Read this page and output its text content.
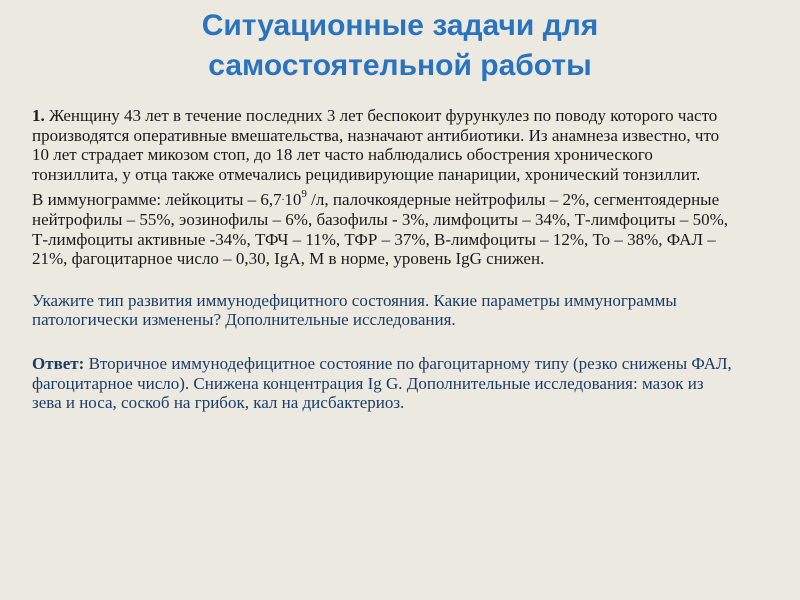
Ситуационные задачи для
самостоятельной работы

1. Женщину 43 лет в течение последних 3 лет беспокоит фурункулез по поводу которого часто производятся оперативные вмешательства, назначают антибиотики. Из анамнеза известно, что 10 лет страдает микозом стоп, до 18 лет часто наблюдались обострения хронического тонзиллита, у отца также отмечались рецидивирующие панариции, хронический тонзиллит.

В иммунограмме: лейкоциты – $6,7^.10^9$ /л, палочкоядерные нейтрофилы – 2%, сегментоядерные нейтрофилы – 55%, эозинофилы – 6%, базофилы - 3%, лимфоциты – 34%, Т-лимфоциты – 50%, Т-лимфоциты активные -34%, ТФЧ – 11%, ТФР – 37%, В-лимфоциты – 12%, То – 38%, ФАЛ – 21%, фагоцитарное число – 0,30, IgA, M в норме, уровень IgG снижен.

Укажите тип развития иммунодефицитного состояния. Какие параметры иммунограммы патологически изменены? Дополнительные исследования.

Ответ: Вторичное иммунодефицитное состояние по фагоцитарному типу (резко снижены ФАЛ, фагоцитарное число). Снижена концентрация Ig G. Дополнительные исследования: мазок из зева и носа, соскоб на грибок, кал на дисбактериоз.
